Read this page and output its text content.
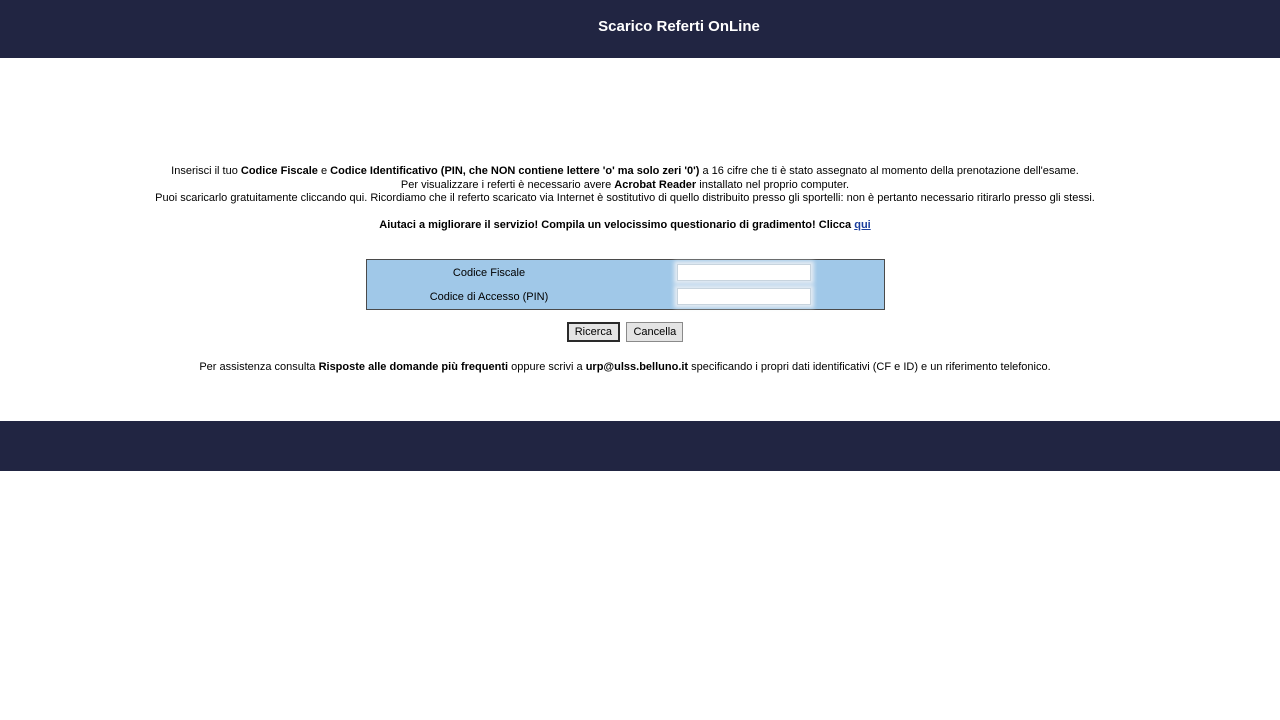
Scarico Referti OnLine
Inserisci il tuo Codice Fiscale e Codice Identificativo (PIN, che NON contiene lettere 'o' ma solo zeri '0') a 16 cifre che ti è stato assegnato al momento della prenotazione dell'esame.
Per visualizzare i referti è necessario avere Acrobat Reader installato nel proprio computer.
Puoi scaricarlo gratuitamente cliccando qui. Ricordiamo che il referto scaricato via Internet è sostitutivo di quello distribuito presso gli sportelli: non è pertanto necessario ritirarlo presso gli stessi.
Aiutaci a migliorare il servizio! Compila un velocissimo questionario di gradimento! Clicca qui
Codice Fiscale
Codice di Accesso (PIN)
Ricerca Cancella
Per assistenza consulta Risposte alle domande più frequenti oppure scrivi a urp@ulss.belluno.it specificando i propri dati identificativi (CF e ID) e un riferimento telefonico.
